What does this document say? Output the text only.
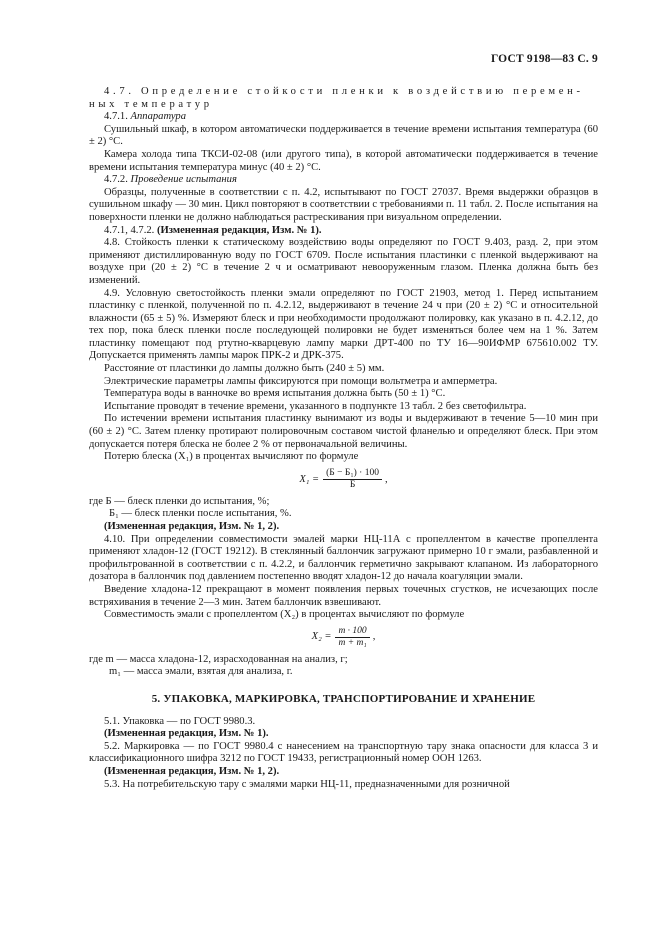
ГОСТ 9198—83 С. 9

4.7. Определение стойкости пленки к воздействию перемен-

ных температур

4.7.1. Аппаратура

Сушильный шкаф, в котором автоматически поддерживается в течение времени испытания температура (60 ± 2) °С.

Камера холода типа ТКСИ-02-08 (или другого типа), в которой автоматически поддерживается в течение времени испытания температура минус (40 ± 2) °С.

4.7.2. Проведение испытания

Образцы, полученные в соответствии с п. 4.2, испытывают по ГОСТ 27037. Время выдержки образцов в сушильном шкафу — 30 мин. Цикл повторяют в соответствии с требованиями п. 11 табл. 2. После испытания на поверхности пленки не должно наблюдаться растрескивания при визуальном определении.

4.7.1, 4.7.2. (Измененная редакция, Изм. № 1).

4.8. Стойкость пленки к статическому воздействию воды определяют по ГОСТ 9.403, разд. 2, при этом применяют дистиллированную воду по ГОСТ 6709. После испытания пластинки с пленкой выдерживают на воздухе при (20 ± 2) °С в течение 2 ч и осматривают невооруженным глазом. Пленка должна быть без изменений.

4.9. Условную светостойкость пленки эмали определяют по ГОСТ 21903, метод 1. Перед испытанием пластинку с пленкой, полученной по п. 4.2.12, выдерживают в течение 24 ч при (20 ± 2) °С и относительной влажности (65 ± 5) %. Измеряют блеск и при необходимости продолжают полировку, как указано в п. 4.2.12, до тех пор, пока блеск пленки после последующей полировки не будет изменяться более чем на 1 %. Затем пластинку помещают под ртутно-кварцевую лампу марки ДРТ-400 по ТУ 16—90ИФМР 675610.002 ТУ. Допускается применять лампы марок ПРК-2 и ДРК-375.

Расстояние от пластинки до лампы должно быть (240 ± 5) мм.

Электрические параметры лампы фиксируются при помощи вольтметра и амперметра.

Температура воды в ванночке во время испытания должна быть (50 ± 1) °С.

Испытание проводят в течение времени, указанного в подпункте 13 табл. 2 без светофильтра.

По истечении времени испытания пластинку вынимают из воды и выдерживают в течение 5—10 мин при (60 ± 2) °С. Затем пленку протирают полировочным составом чистой фланелью и определяют блеск. При этом допускается потеря блеска не более 2 % от первоначальной величины.

Потерю блеска (X₁) в процентах вычисляют по формуле

$X_1 = \frac{\text{(Б − Б₁) · 100}}{Б}$ ,

где Б — блеск пленки до испытания, %;

Б₁ — блеск пленки после испытания, %.

(Измененная редакция, Изм. № 1, 2).

4.10. При определении совместимости эмалей марки НЦ-11А с пропеллентом в качестве пропеллента применяют хладон-12 (ГОСТ 19212). В стеклянный баллончик загружают примерно 10 г эмали, разбавленной и профильтрованной в соответствии с п. 4.2.2, и баллончик герметично закрывают клапаном. Из лабораторного дозатора в баллончик под давлением постепенно вводят хладон-12 до начала коагуляции эмали.

Введение хладона-12 прекращают в момент появления первых точечных сгустков, не исчезающих после встряхивания в течение 2—3 мин. Затем баллончик взвешивают.

Совместимость эмали с пропеллентом (X₂) в процентах вычисляют по формуле

$X_2 = \frac{m \cdot 100}{\text{m + m₁}}$ ,

где m — масса хладона-12, израсходованная на анализ, г;

m₁ — масса эмали, взятая для анализа, г.

5. УПАКОВКА, МАРКИРОВКА, ТРАНСПОРТИРОВАНИЕ И ХРАНЕНИЕ

5.1. Упаковка — по ГОСТ 9980.3.

(Измененная редакция, Изм. № 1).

5.2. Маркировка — по ГОСТ 9980.4 с нанесением на транспортную тару знака опасности для класса 3 и классификационного шифра 3212 по ГОСТ 19433, регистрационный номер ООН 1263.

(Измененная редакция, Изм. № 1, 2).

5.3. На потребительскую тару с эмалями марки НЦ-11, предназначенными для розничной
